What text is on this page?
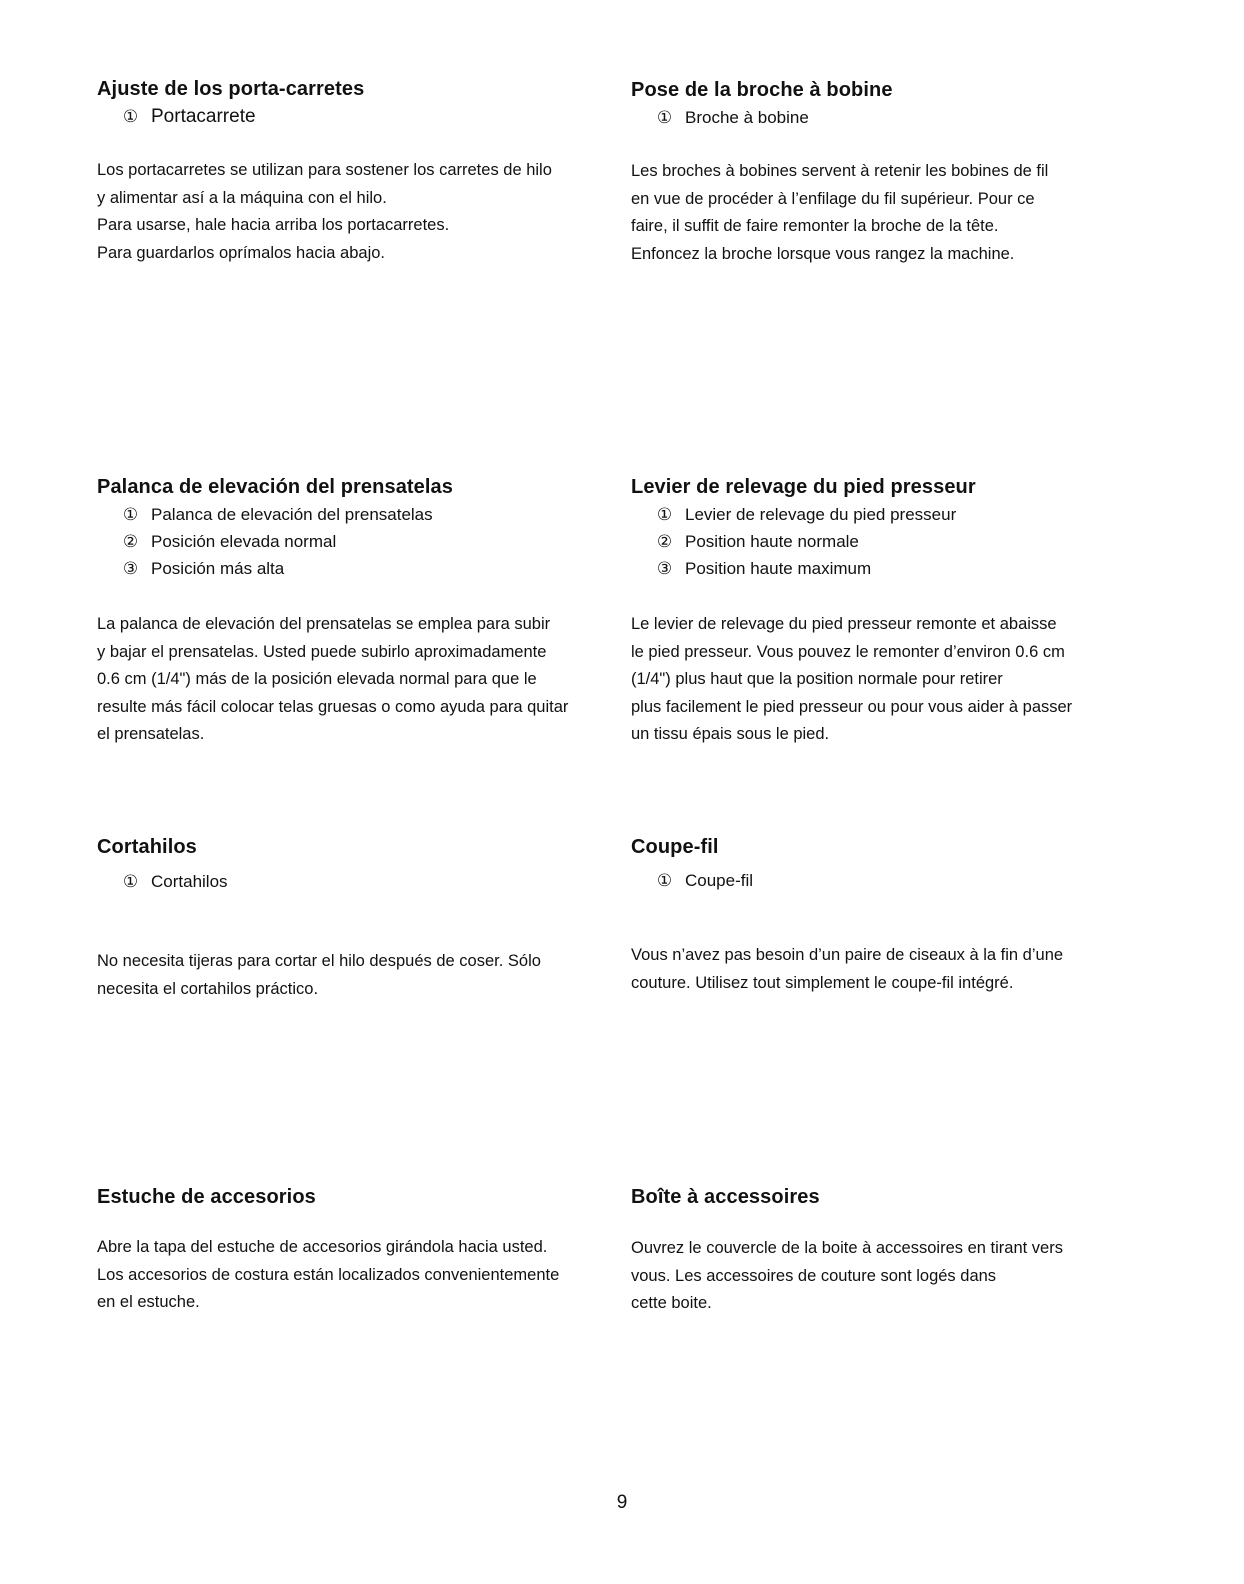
Ajuste de los porta-carretes
① Portacarrete

Los portacarretes se utilizan para sostener los carretes de hilo
y alimentar así a la máquina con el hilo.
Para usarse, hale hacia arriba los portacarretes.
Para guardarlos oprímalos hacia abajo.

Pose de la broche à bobine
① Broche à bobine

Les broches à bobines servent à retenir les bobines de fil
en vue de procéder à l’enfilage du fil supérieur. Pour ce
faire, il suffit de faire remonter la broche de la tête.
Enfoncez la broche lorsque vous rangez la machine.

Palanca de elevación del prensatelas
① Palanca de elevación del prensatelas
② Posición elevada normal
③ Posición más alta

La palanca de elevación del prensatelas se emplea para subir
y bajar el prensatelas. Usted puede subirlo aproximadamente
0.6 cm (1/4") más de la posición elevada normal para que le
resulte más fácil colocar telas gruesas o como ayuda para quitar
el prensatelas.

Levier de relevage du pied presseur
① Levier de relevage du pied presseur
② Position haute normale
③ Position haute maximum

Le levier de relevage du pied presseur remonte et abaisse
le pied presseur. Vous pouvez le remonter d’environ 0.6 cm
(1/4") plus haut que la position normale pour retirer
plus facilement le pied presseur ou pour vous aider à passer
un tissu épais sous le pied.

Cortahilos
① Cortahilos

No necesita tijeras para cortar el hilo después de coser. Sólo
necesita el cortahilos práctico.

Coupe-fil
① Coupe-fil

Vous n’avez pas besoin d’un paire de ciseaux à la fin d’une
couture. Utilisez tout simplement le coupe-fil intégré.

Estuche de accesorios

Abre la tapa del estuche de accesorios girándola hacia usted.
Los accesorios de costura están localizados convenientemente
en el estuche.

Boîte à accessoires

Ouvrez le couvercle de la boite à accessoires en tirant vers
vous. Les accessoires de couture sont logés dans
cette boite.

9
